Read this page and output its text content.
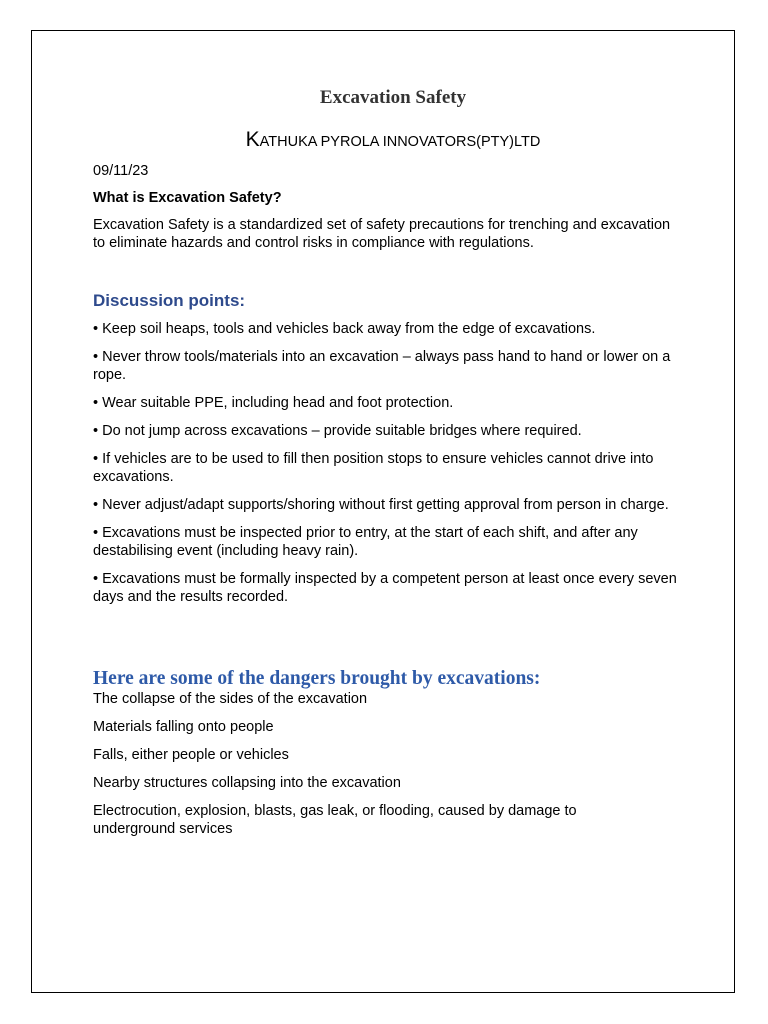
Excavation Safety

KATHUKA PYROLA INNOVATORS(PTY)LTD

09/11/23

What is Excavation Safety?

Excavation Safety is a standardized set of safety precautions for trenching and excavation to eliminate hazards and control risks in compliance with regulations.

Discussion points:
• Keep soil heaps, tools and vehicles back away from the edge of excavations.
• Never throw tools/materials into an excavation – always pass hand to hand or lower on a rope.
• Wear suitable PPE, including head and foot protection.
• Do not jump across excavations – provide suitable bridges where required.
• If vehicles are to be used to fill then position stops to ensure vehicles cannot drive into excavations.
• Never adjust/adapt supports/shoring without first getting approval from person in charge.
• Excavations must be inspected prior to entry, at the start of each shift, and after any destabilising event (including heavy rain).
• Excavations must be formally inspected by a competent person at least once every seven days and the results recorded.
Here are some of the dangers brought by excavations:
The collapse of the sides of the excavation
Materials falling onto people
Falls, either people or vehicles
Nearby structures collapsing into the excavation
Electrocution, explosion, blasts, gas leak, or flooding, caused by damage to underground services
